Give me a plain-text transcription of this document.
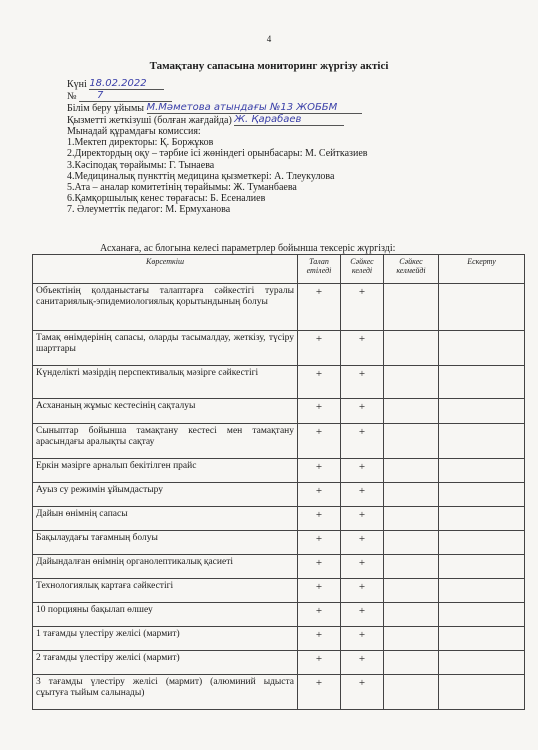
4
Тамақтану сапасына мониторинг жүргізу актісі
Күні 18.02.2022
№ 7
Білім беру ұйымы М.Мәметова атындағы №13 ЖОББМ
Қызметті жеткізуші (болған жағдайда) Ж. Қарабаев
Мынадай құрамдағы комиссия:
1.Мектеп директоры: Қ. Боржұков
2.Директордың оқу – тәрбие ісі жөніндегі орынбасары: М. Сейтказиев
3.Кәсіподақ төрайымы: Г. Тынаева
4.Медициналық пункттің медицина қызметкері: А. Тлеукулова
5.Ата – аналар комитетінің төрайымы: Ж. Туманбаева
6.Қамқоршылық кенес төрағасы: Б. Есеналиев
7. Әлеуметтік педагог: М. Ермуханова
Асханаға, ас блогына келесі параметрлер бойынша тексеріс жүргізді:
Көрсеткіш	Талап етіледі	Сәйкес келеді	Сәйкес келмейді	Ескерту
Объектінің қолданыстағы талаптарға сәйкестігі туралы санитариялық-эпидемиологиялық қорытындының болуы	+	+		
Тамақ өнімдерінің сапасы, оларды тасымалдау, жеткізу, түсіру шарттары	+	+		
Күнделікті мәзірдің перспективалық мәзірге сәйкестігі	+	+		
Асхананың жұмыс кестесінің сақталуы	+	+		
Сыныптар бойынша тамақтану кестесі мен тамақтану арасындағы аралықты сақтау	+	+		
Еркін мәзірге арналып бекітілген прайс	+	+		
Ауыз су режимін ұйымдастыру	+	+		
Дайын өнімнің сапасы	+	+		
Бақылаудағы тағамның болуы	+	+		
Дайындалған өнімнің органолептикалық қасиеті	+	+		
Технологиялық картаға сәйкестігі	+	+		
10 порцияны бақылап өлшеу	+	+		
1 тағамды үлестіру желісі (мармит)	+	+		
2 тағамды үлестіру желісі (мармит)	+	+		
3 тағамды үлестіру желісі (мармит) (алюминий ыдыста сұытуға тыйым салынады)	+	+		
